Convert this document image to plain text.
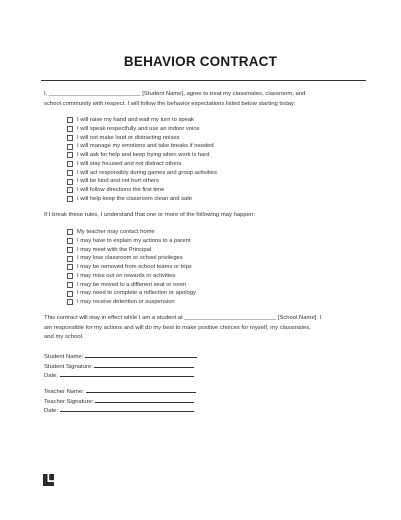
BEHAVIOR CONTRACT
I, ____________________________ [Student Name], agree to treat my classmates, classroom, and
school community with respect. I will follow the behavior expectations listed below starting today:
I will raise my hand and wait my turn to speak
I will speak respectfully and use an indoor voice
I will not make loud or distracting noises
I will manage my emotions and take breaks if needed
I will ask for help and keep trying when work is hard
I will stay focused and not distract others
I will act responsibly during games and group activities
I will be kind and not hurt others
I will follow directions the first time
I will help keep the classroom clean and safe
If I break these rules, I understand that one or more of the following may happen:
My teacher may contact home
I may have to explain my actions to a parent
I may meet with the Principal
I may lose classroom or school privileges
I may be removed from school teams or trips
I may miss out on rewards or activities
I may be moved to a different seat or room
I may need to complete a reflection or apology
I may receive detention or suspension
This contract will stay in effect while I am a student at ____________________________ [School Name]. I
am responsible for my actions and will do my best to make positive choices for myself, my classmates,
and my school.
Student Name:
Student Signature:
Date:
Teacher Name:
Teacher Signature:
Date:
